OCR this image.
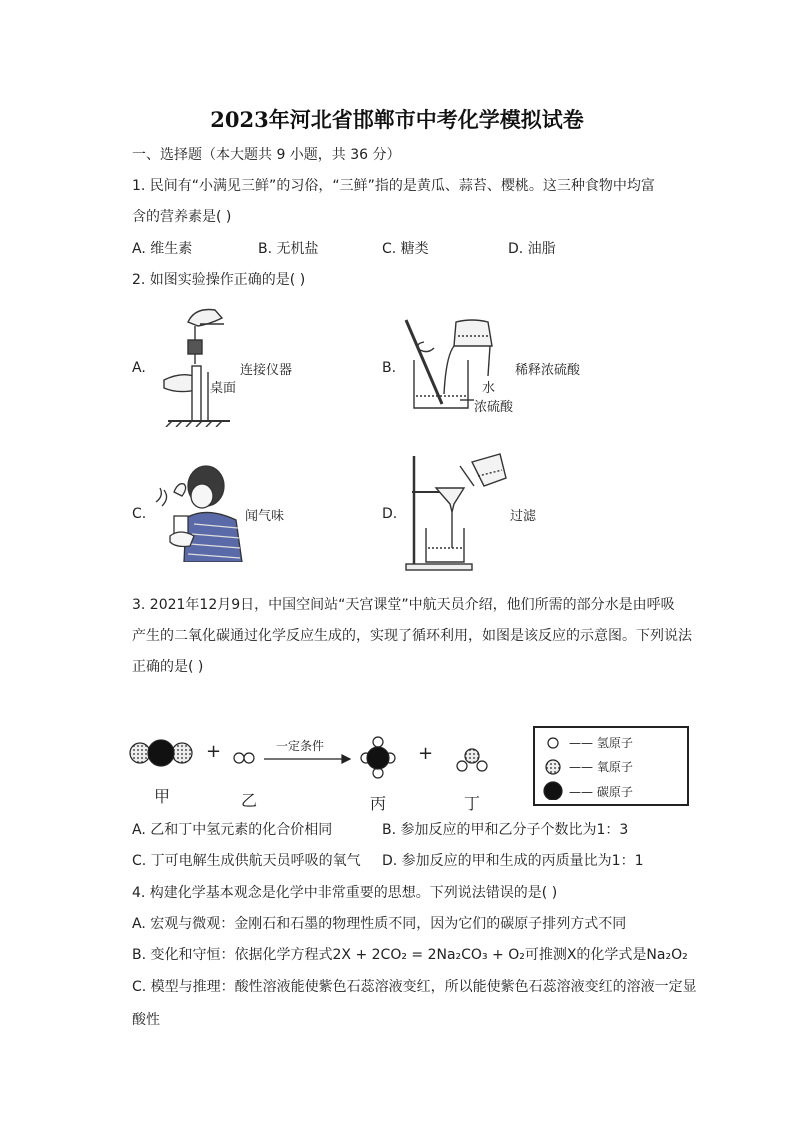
2023年河北省邯郸市中考化学模拟试卷
一、选择题（本大题共 9 小题，共 36 分）
1. 民间有“小满见三鲜”的习俗，“三鲜”指的是黄瓜、蒜苔、樱桃。这三种食物中均富
含的营养素是( )
A. 维生素	B. 无机盐	C. 糖类	D. 油脂
2. 如图实验操作正确的是( )
A.
桌面
连接仪器	B.	稀释浓硫酸
水
浓硫酸
C.	闻气味	D.	过滤
3. 2021年12月9日，中国空间站“天宫课堂”中航天员介绍，他们所需的部分水是由呼吸
产生的二氧化碳通过化学反应生成的，实现了循环利用，如图是该反应的示意图。下列说法
正确的是( )
+	+
一定条件
甲	乙	丙	丁
—— 氢原子
—— 氧原子
—— 碳原子
A. 乙和丁中氢元素的化合价相同	B. 参加反应的甲和乙分子个数比为1：3
C. 丁可电解生成供航天员呼吸的氧气 D. 参加反应的甲和生成的丙质量比为1：1
4. 构建化学基本观念是化学中非常重要的思想。下列说法错误的是( )
A. 宏观与微观：金刚石和石墨的物理性质不同，因为它们的碳原子排列方式不同
B. 变化和守恒：依据化学方程式2X + 2CO₂ = 2Na₂CO₃ + O₂可推测X的化学式是Na₂O₂
C. 模型与推理：酸性溶液能使紫色石蕊溶液变红，所以能使紫色石蕊溶液变红的溶液一定显
酸性
